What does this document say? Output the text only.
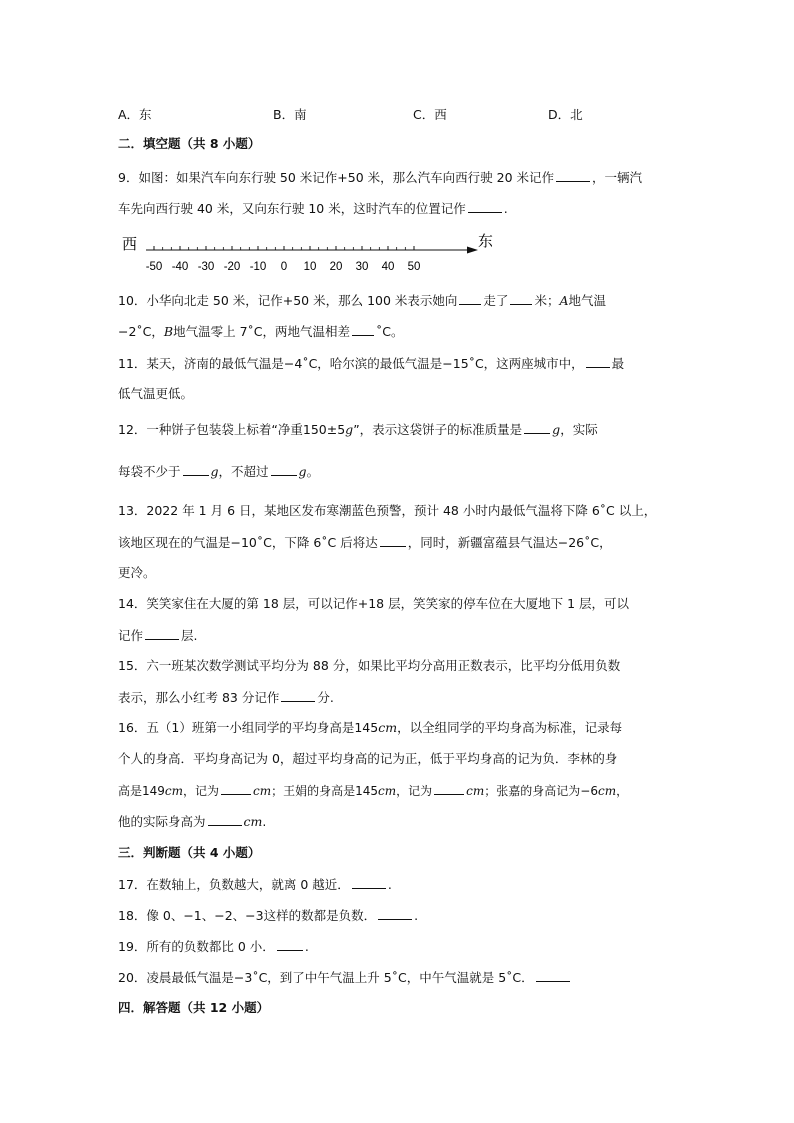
A．东	B．南	C．西	D．北
二．填空题（共 8 小题）
9．如图：如果汽车向东行驶 50 米记作+50 米，那么汽车向西行驶 20 米记作	，一辆汽
车先向西行驶 40 米，又向东行驶 10 米，这时汽车的位置记作	.
西	东
-50 -40 -30 -20 -10 0 10 20 30 40 50
10．小华向北走 50 米，记作+50 米，那么 100 米表示她向 走了 米；A地气温
−2˚C，B地气温零上 7˚C，两地气温相差 ˚C。
11．某天，济南的最低气温是−4˚C，哈尔滨的最低气温是−15˚C，这两座城市中， 最
低气温更低。
12．一种饼子包装袋上标着“净重150±5g”，表示这袋饼子的标准质量是 g，实际
每袋不少于 g，不超过 g。
13．2022 年 1 月 6 日，某地区发布寒潮蓝色预警，预计 48 小时内最低气温将下降 6˚C 以上，
该地区现在的气温是−10˚C，下降 6˚C 后将达 ，同时，新疆富蕴县气温达−26˚C，
更冷。
14．笑笑家住在大厦的第 18 层，可以记作+18 层，笑笑家的停车位在大厦地下 1 层，可以
记作	层.
15．六一班某次数学测试平均分为 88 分，如果比平均分高用正数表示，比平均分低用负数
表示，那么小红考 83 分记作	分.
16．五（1）班第一小组同学的平均身高是145cm，以全组同学的平均身高为标准，记录每
个人的身高．平均身高记为 0，超过平均身高的记为正，低于平均身高的记为负．李林的身
高是149cm，记为	cm；王娟的身高是145cm，记为	cm；张嘉的身高记为−6cm，
他的实际身高为	cm.
三．判断题（共 4 小题）
17．在数轴上，负数越大，就离 0 越近．	.
18．像 0、−1、−2、−3这样的数都是负数．	.
19．所有的负数都比 0 小． .
20．凌晨最低气温是−3˚C，到了中午气温上升 5˚C，中午气温就是 5˚C．
四．解答题（共 12 小题）
